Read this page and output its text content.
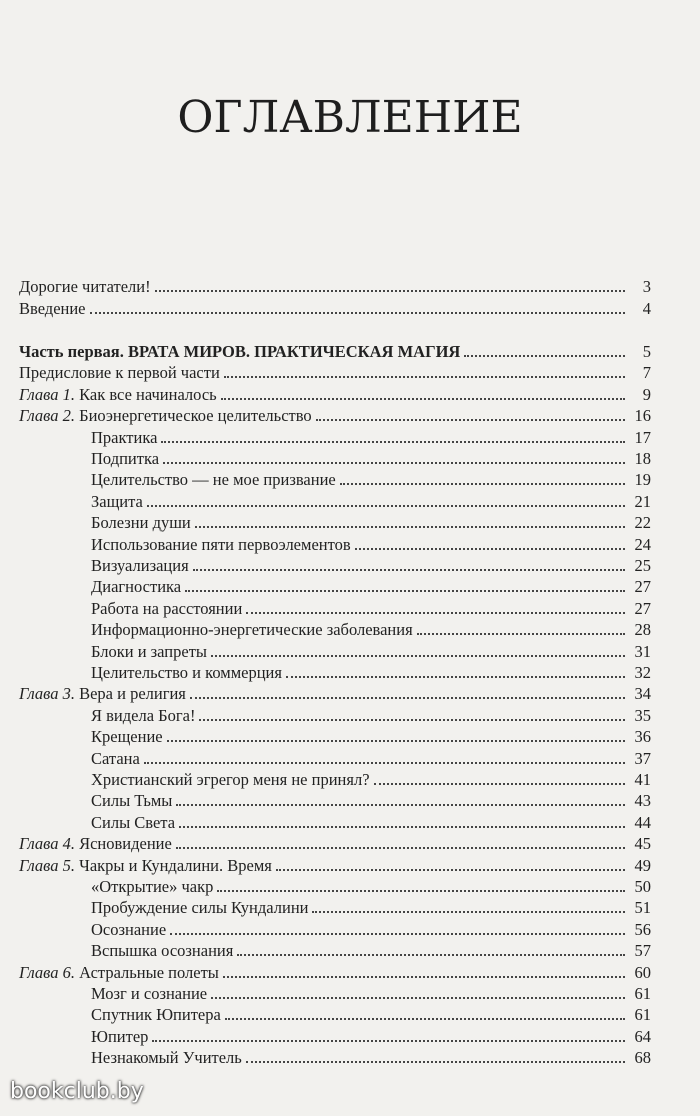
ОГЛАВЛЕНИЕ
Дорогие читатели!	3
Введение	4
Часть первая. ВРАТА МИРОВ. ПРАКТИЧЕСКАЯ МАГИЯ	5
Предисловие к первой части	7
Глава 1. Как все начиналось	9
Глава 2. Биоэнергетическое целительство	16
Практика	17
Подпитка	18
Целительство — не мое призвание	19
Защита	21
Болезни души	22
Использование пяти первоэлементов	24
Визуализация	25
Диагностика	27
Работа на расстоянии	27
Информационно-энергетические заболевания	28
Блоки и запреты	31
Целительство и коммерция	32
Глава 3. Вера и религия	34
Я видела Бога!	35
Крещение	36
Сатана	37
Христианский эгрегор меня не принял?	41
Силы Тьмы	43
Силы Света	44
Глава 4. Ясновидение	45
Глава 5. Чакры и Кундалини. Время	49
«Открытие» чакр	50
Пробуждение силы Кундалини	51
Осознание	56
Вспышка осознания	57
Глава 6. Астральные полеты	60
Мозг и сознание	61
Спутник Юпитера	61
Юпитер	64
Незнакомый Учитель	68
bookclub.by
